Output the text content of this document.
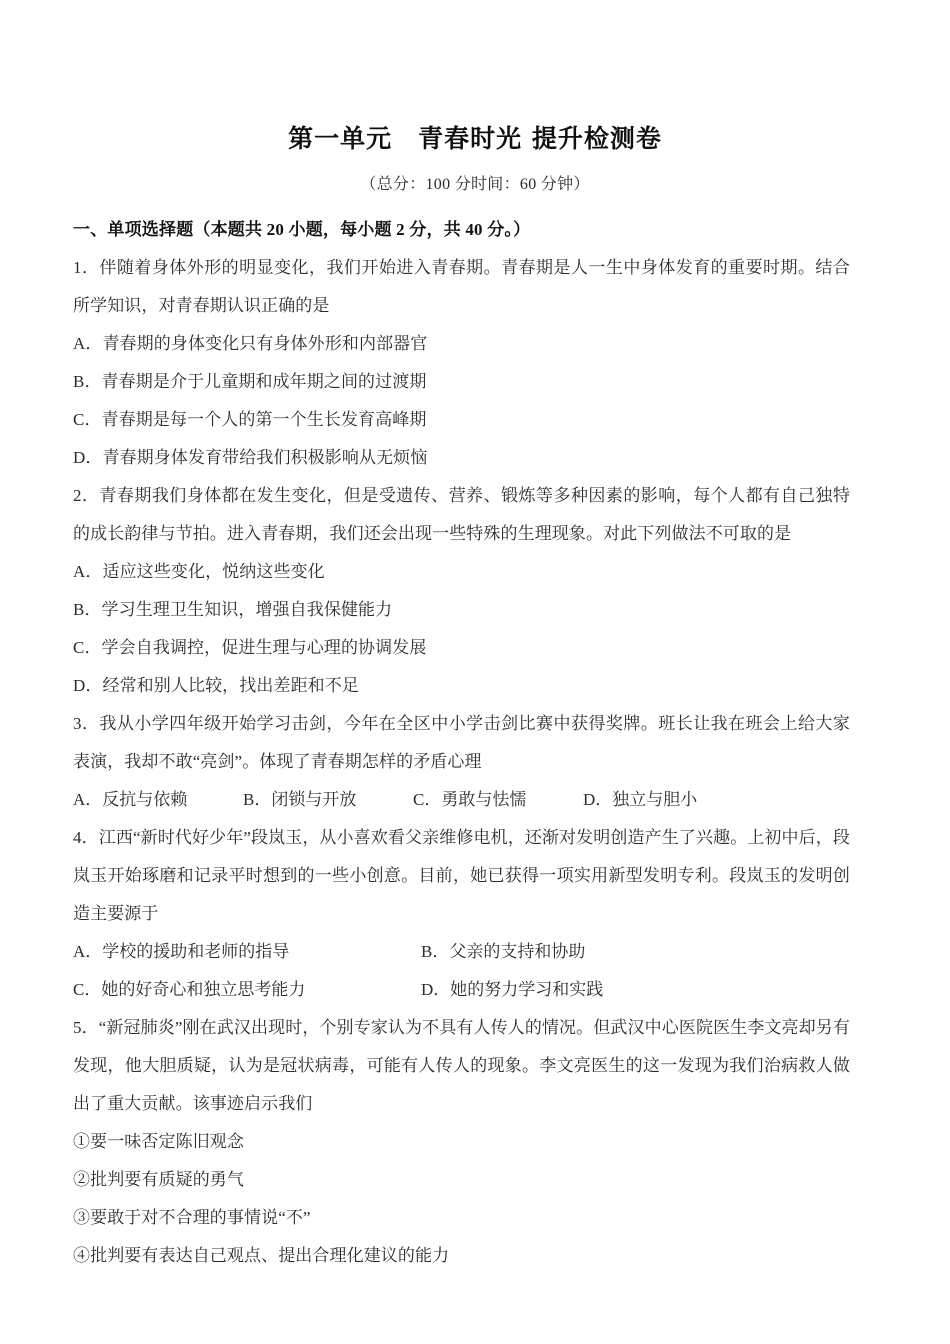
第一单元　青春时光 提升检测卷
（总分：100 分时间：60 分钟）
一、单项选择题（本题共 20 小题，每小题 2 分，共 40 分。）

1．伴随着身体外形的明显变化，我们开始进入青春期。青春期是人一生中身体发育的重要时期。结合所学知识，对青春期认识正确的是

A．青春期的身体变化只有身体外形和内部器官

B．青春期是介于儿童期和成年期之间的过渡期

C．青春期是每一个人的第一个生长发育高峰期

D．青春期身体发育带给我们积极影响从无烦恼

2．青春期我们身体都在发生变化，但是受遗传、营养、锻炼等多种因素的影响，每个人都有自己独特的成长韵律与节拍。进入青春期，我们还会出现一些特殊的生理现象。对此下列做法不可取的是

A．适应这些变化，悦纳这些变化

B．学习生理卫生知识，增强自我保健能力

C．学会自我调控，促进生理与心理的协调发展

D．经常和别人比较，找出差距和不足

3．我从小学四年级开始学习击剑，今年在全区中小学击剑比赛中获得奖牌。班长让我在班会上给大家表演，我却不敢“亮剑”。体现了青春期怎样的矛盾心理

A．反抗与依赖	B．闭锁与开放	C．勇敢与怯懦	D．独立与胆小

4．江西“新时代好少年”段岚玉，从小喜欢看父亲维修电机，还渐对发明创造产生了兴趣。上初中后，段岚玉开始琢磨和记录平时想到的一些小创意。目前，她已获得一项实用新型发明专利。段岚玉的发明创造主要源于

A．学校的援助和老师的指导	B．父亲的支持和协助

C．她的好奇心和独立思考能力	D．她的努力学习和实践

5．“新冠肺炎”刚在武汉出现时，个别专家认为不具有人传人的情况。但武汉中心医院医生李文亮却另有发现，他大胆质疑，认为是冠状病毒，可能有人传人的现象。李文亮医生的这一发现为我们治病救人做出了重大贡献。该事迹启示我们

①要一味否定陈旧观念

②批判要有质疑的勇气

③要敢于对不合理的事情说“不”

④批判要有表达自己观点、提出合理化建议的能力
